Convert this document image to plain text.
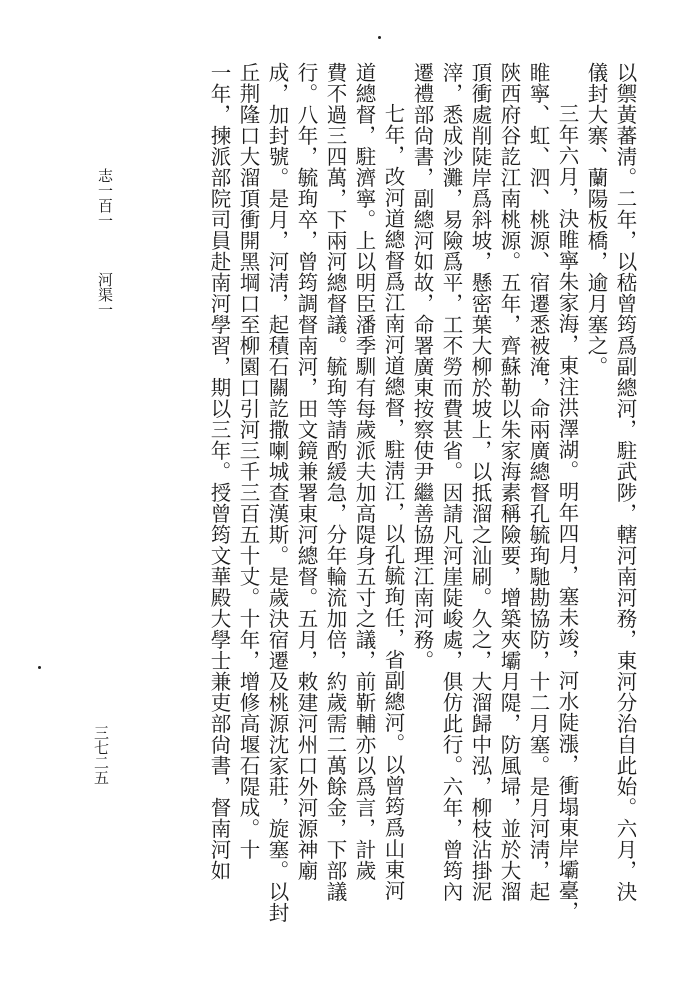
以禦黃蕃淸。二年，以嵇曾筠爲副總河，駐武陟，轄河南河務，東河分治自此始。六月，決
儀封大寨、蘭陽板橋，逾月塞之。
三年六月，決睢寧朱家海，東注洪澤湖。明年四月，塞未竣，河水陡漲，衝塌東岸壩臺，
睢寧、虹、泗、桃源、宿遷悉被淹，命兩廣總督孔毓珣馳勘協防，十二月塞。是月河淸，起
陝西府谷訖江南桃源。五年，齊蘇勒以朱家海素稱險要，增築夾壩月隄，防風埽，並於大溜
頂衝處削陡岸爲斜坡，懸密葉大柳於坡上，以抵溜之汕刷。久之，大溜歸中泓，柳枝沾掛泥
滓，悉成沙灘，易險爲平，工不勞而費甚省。因請凡河崖陡峻處，俱仿此行。六年，曾筠內
遷禮部尙書，副總河如故，命署廣東按察使尹繼善協理江南河務。
七年，改河道總督爲江南河道總督，駐淸江，以孔毓珣任，省副總河。以曾筠爲山東河
道總督，駐濟寧。上以明臣潘季馴有每歲派夫加高隄身五寸之議，前靳輔亦以爲言，計歲
費不過三四萬，下兩河總督議。毓珣等請酌緩急，分年輪流加倍，約歲需二萬餘金，下部議
行。八年，毓珣卒，曾筠調督南河，田文鏡兼署東河總督。五月，敕建河州口外河源神廟
成，加封號。是月，河淸，起積石關訖撒喇城查漢斯。是歲決宿遷及桃源沈家莊，旋塞。以封
丘荆隆口大溜頂衝開黑堈口至柳園口引河三千三百五十丈。十年，增修高堰石隄成。十
一年，揀派部院司員赴南河學習，期以三年。授曾筠文華殿大學士兼吏部尙書，督南河如
志一百一
河渠一
三七二五
